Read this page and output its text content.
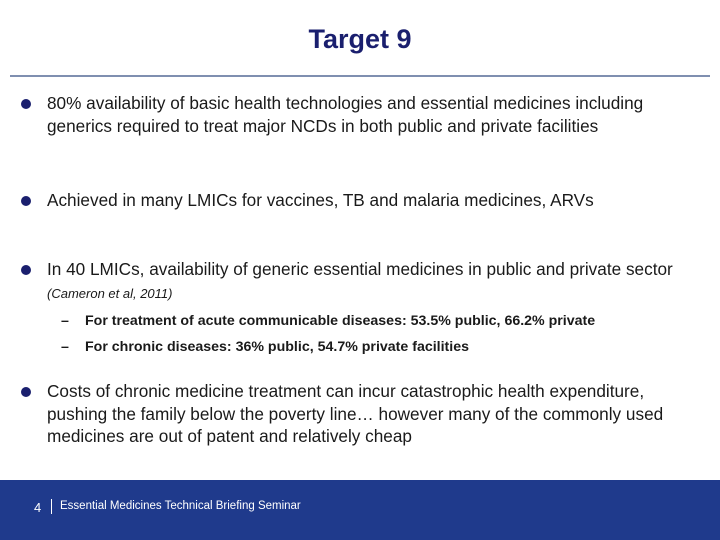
Target 9
80% availability of basic health technologies and essential medicines including generics required to treat major NCDs in both public and private facilities
Achieved in many LMICs for vaccines, TB and malaria medicines, ARVs
In 40 LMICs, availability of generic essential medicines in public and private sector (Cameron et al, 2011)
– For treatment of acute communicable diseases: 53.5% public, 66.2% private
– For chronic diseases: 36% public, 54.7% private facilities
Costs of chronic medicine treatment can incur catastrophic health expenditure, pushing the family below the poverty line… however many of the commonly used medicines are out of patent and relatively cheap
4 Essential Medicines Technical Briefing Seminar
